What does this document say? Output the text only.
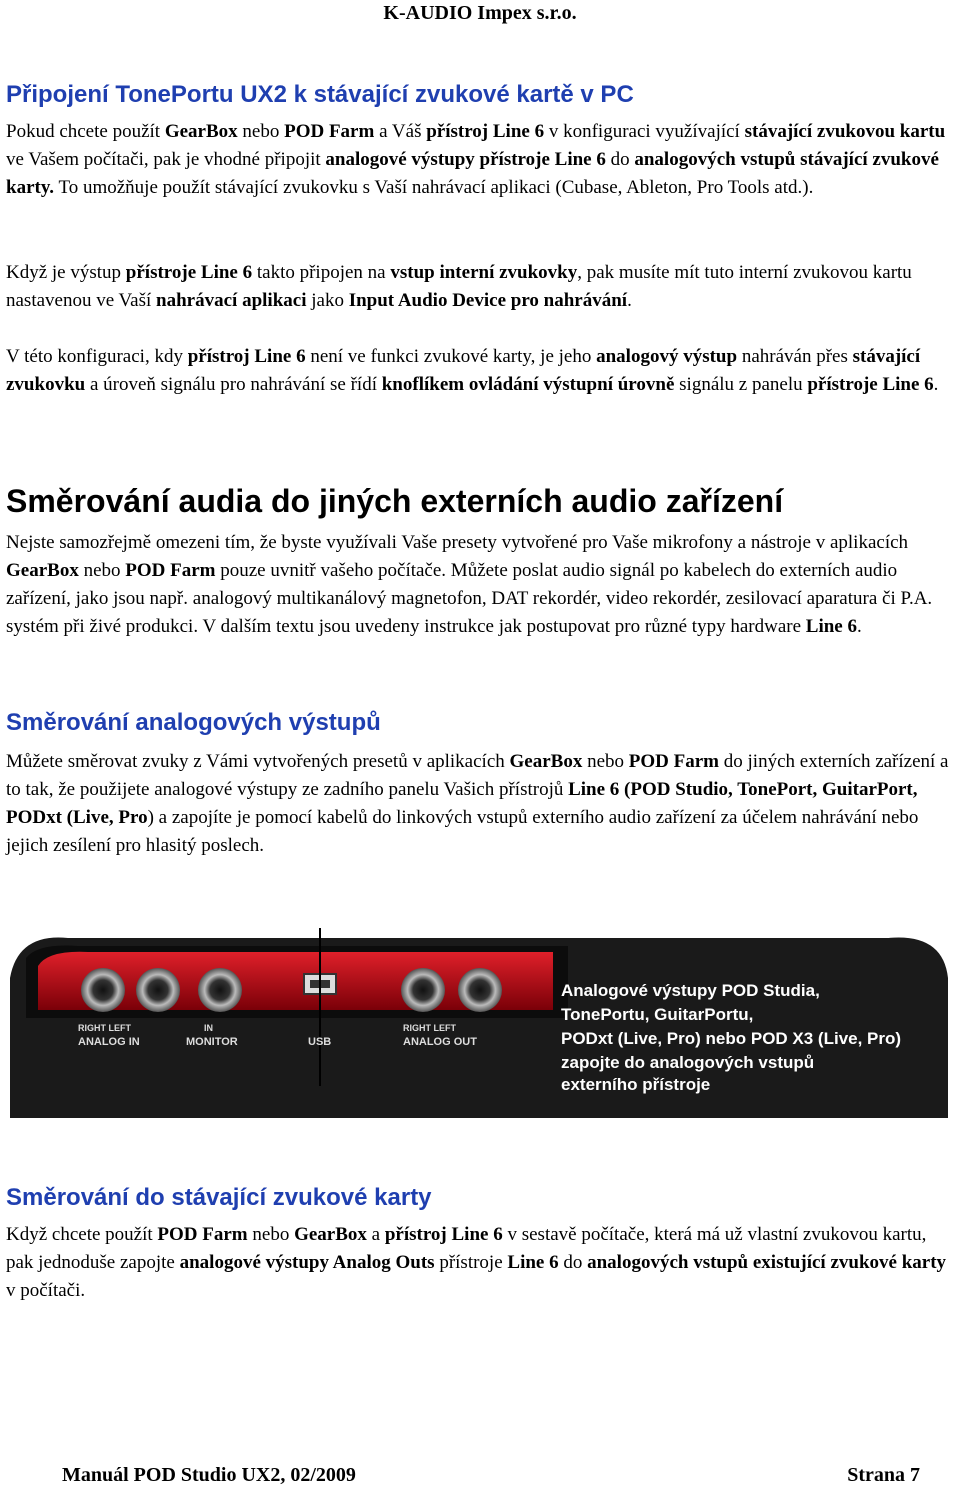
K-AUDIO Impex s.r.o.
Připojení TonePortu UX2 k stávající zvukové kartě v PC

Pokud chcete použít GearBox nebo POD Farm a Váš přístroj Line 6 v konfiguraci využívající stávající zvukovou kartu ve Vašem počítači, pak je vhodné připojit analogové výstupy přístroje Line 6 do analogových vstupů stávající zvukové karty. To umožňuje použít stávající zvukovku s Vaší nahrávací aplikaci (Cubase, Ableton, Pro Tools atd.).

Když je výstup přístroje Line 6 takto připojen na vstup interní zvukovky, pak musíte mít tuto interní zvukovou kartu nastavenou ve Vaší nahrávací aplikaci jako Input Audio Device pro nahrávání.

V této konfiguraci, kdy přístroj Line 6 není ve funkci zvukové karty, je jeho analogový výstup nahráván přes stávající zvukovku a úroveň signálu pro nahrávání se řídí knoflíkem ovládání výstupní úrovně signálu z panelu přístroje Line 6.

Směrování audia do jiných externích audio zařízení

Nejste samozřejmě omezeni tím, že byste využívali Vaše presety vytvořené pro Vaše mikrofony a nástroje v aplikacích GearBox nebo POD Farm pouze uvnitř vašeho počítače. Můžete poslat audio signál po kabelech do externích audio zařízení, jako jsou např. analogový multikanálový magnetofon, DAT rekordér, video rekordér, zesilovací aparatura či P.A. systém při živé produkci. V dalším textu jsou uvedeny instrukce jak postupovat pro různé typy hardware Line 6.

Směrování analogových výstupů

Můžete směrovat zvuky z Vámi vytvořených presetů v aplikacích GearBox nebo POD Farm do jiných externích zařízení a to tak, že použijete analogové výstupy ze zadního panelu Vašich přístrojů Line 6 (POD Studio, TonePort, GuitarPort, PODxt (Live, Pro) a zapojíte je pomocí kabelů do linkových vstupů externího audio zařízení za účelem nahrávání nebo jejich zesílení pro hlasitý poslech.

RIGHT LEFT
ANALOG IN
IN
MONITOR	USB
RIGHT LEFT
ANALOG OUT
Analogové výstupy POD Studia,
TonePortu, GuitarPortu,
PODxt (Live, Pro) nebo POD X3 (Live, Pro)
zapojte do analogových vstupů
externího přístroje
Směrování do stávající zvukové karty

Když chcete použít POD Farm nebo GearBox a přístroj Line 6 v sestavě počítače, která má už vlastní zvukovou kartu, pak jednoduše zapojte analogové výstupy Analog Outs přístroje Line 6 do analogových vstupů existující zvukové karty v počítači.

Manuál POD Studio UX2, 02/2009	Strana 7
